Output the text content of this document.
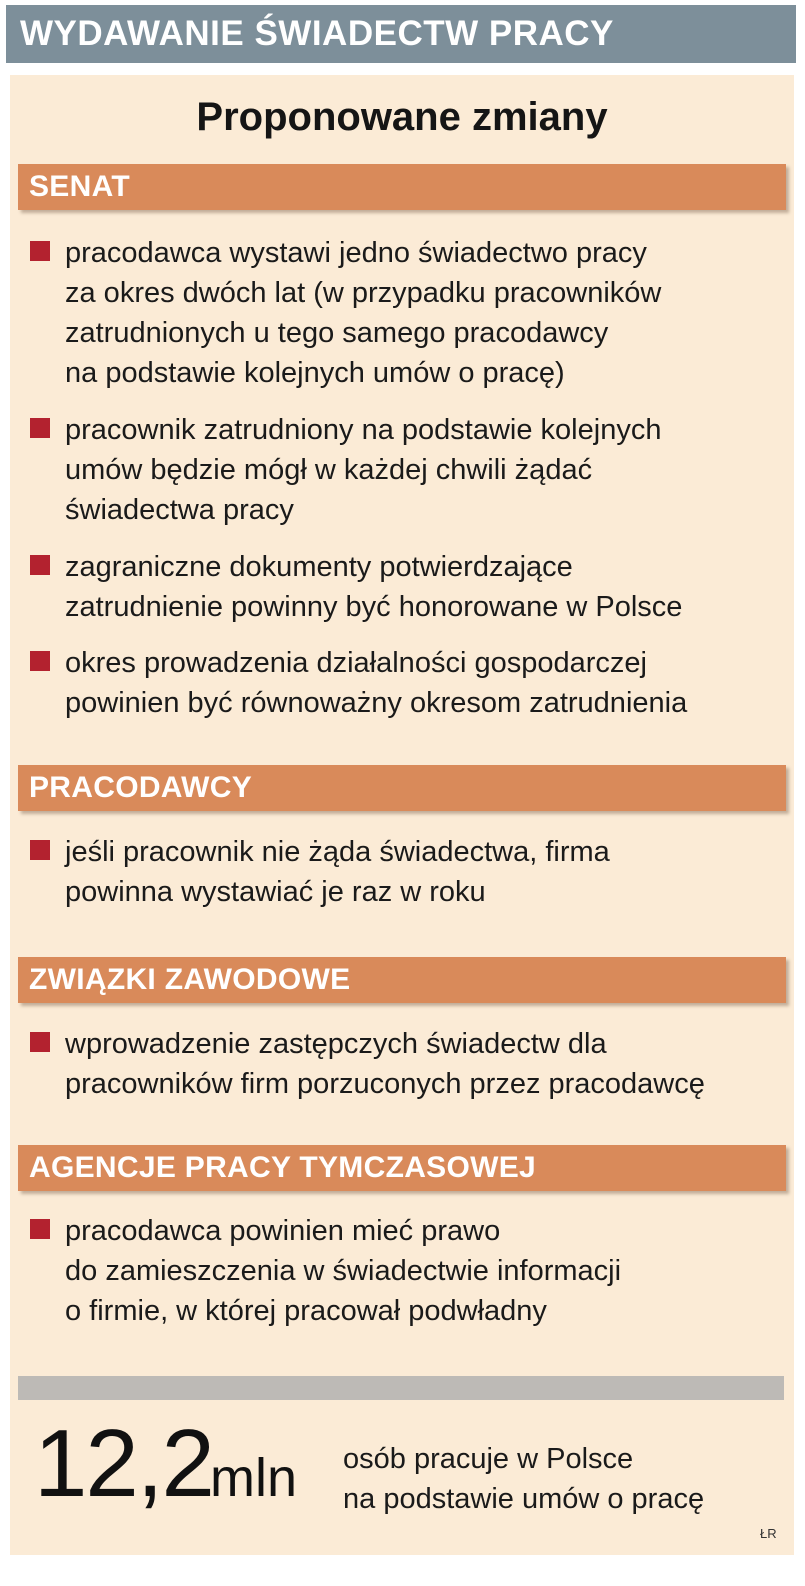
WYDAWANIE ŚWIADECTW PRACY
Proponowane zmiany
SENAT
pracodawca wystawi jedno świadectwo pracy
za okres dwóch lat (w przypadku pracowników
zatrudnionych u tego samego pracodawcy
na podstawie kolejnych umów o pracę)
pracownik zatrudniony na podstawie kolejnych
umów będzie mógł w każdej chwili żądać
świadectwa pracy
zagraniczne dokumenty potwierdzające
zatrudnienie powinny być honorowane w Polsce
okres prowadzenia działalności gospodarczej
powinien być równoważny okresom zatrudnienia
PRACODAWCY
jeśli pracownik nie żąda świadectwa, firma
powinna wystawiać je raz w roku
ZWIĄZKI ZAWODOWE
wprowadzenie zastępczych świadectw dla
pracowników firm porzuconych przez pracodawcę
AGENCJE PRACY TYMCZASOWEJ
pracodawca powinien mieć prawo
do zamieszczenia w świadectwie informacji
o firmie, w której pracował podwładny
12,2
mln osób pracuje w Polsce
na podstawie umów o pracę
ŁR
